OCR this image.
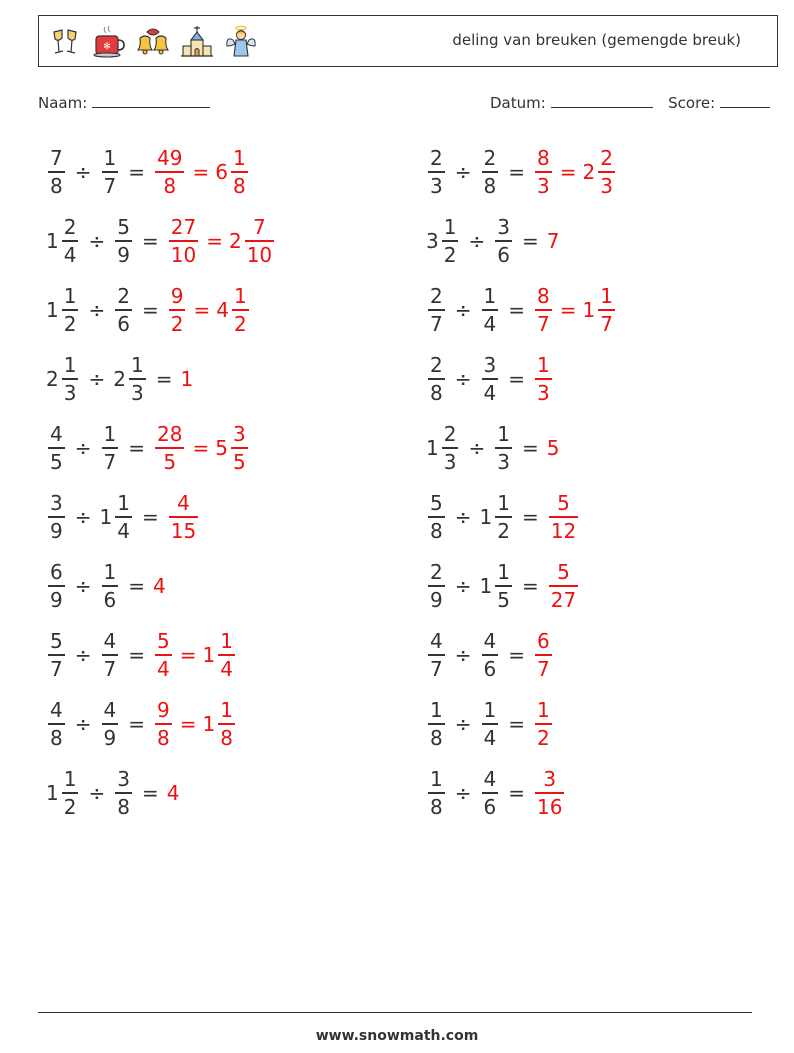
✻	deling van breuken (gemengde breuk)
Naam:	Datum:	Score:
$\frac{7}{8} \div \frac{1}{7} = \frac{49}{8} = 6 \frac{1}{8}$	$\frac{2}{3} \div \frac{2}{8} = \frac{8}{3} = 2 \frac{2}{3}$
$1 \frac{2}{4} \div \frac{5}{9} = \frac{27}{10} = 2 \frac{7}{10}$	$3 \frac{1}{2} \div \frac{3}{6} = 7$
$1 \frac{1}{2} \div \frac{2}{6} = \frac{9}{2} = 4 \frac{1}{2}$	$\frac{2}{7} \div \frac{1}{4} = \frac{8}{7} = 1 \frac{1}{7}$
$2 \frac{1}{3} \div 2 \frac{1}{3} = 1$	$\frac{2}{8} \div \frac{3}{4} = \frac{1}{3}$
$\frac{4}{5} \div \frac{1}{7} = \frac{28}{5} = 5 \frac{3}{5}$	$1 \frac{2}{3} \div \frac{1}{3} = 5$
$\frac{3}{9} \div 1 \frac{1}{4} = \frac{4}{15}$	$\frac{5}{8} \div 1 \frac{1}{2} = \frac{5}{12}$
$\frac{6}{9} \div \frac{1}{6} = 4$	$\frac{2}{9} \div 1 \frac{1}{5} = \frac{5}{27}$
$\frac{5}{7} \div \frac{4}{7} = \frac{5}{4} = 1 \frac{1}{4}$	$\frac{4}{7} \div \frac{4}{6} = \frac{6}{7}$
$\frac{4}{8} \div \frac{4}{9} = \frac{9}{8} = 1 \frac{1}{8}$	$\frac{1}{8} \div \frac{1}{4} = \frac{1}{2}$
$1 \frac{1}{2} \div \frac{3}{8} = 4$	$\frac{1}{8} \div \frac{4}{6} = \frac{3}{16}$
www.snowmath.com
